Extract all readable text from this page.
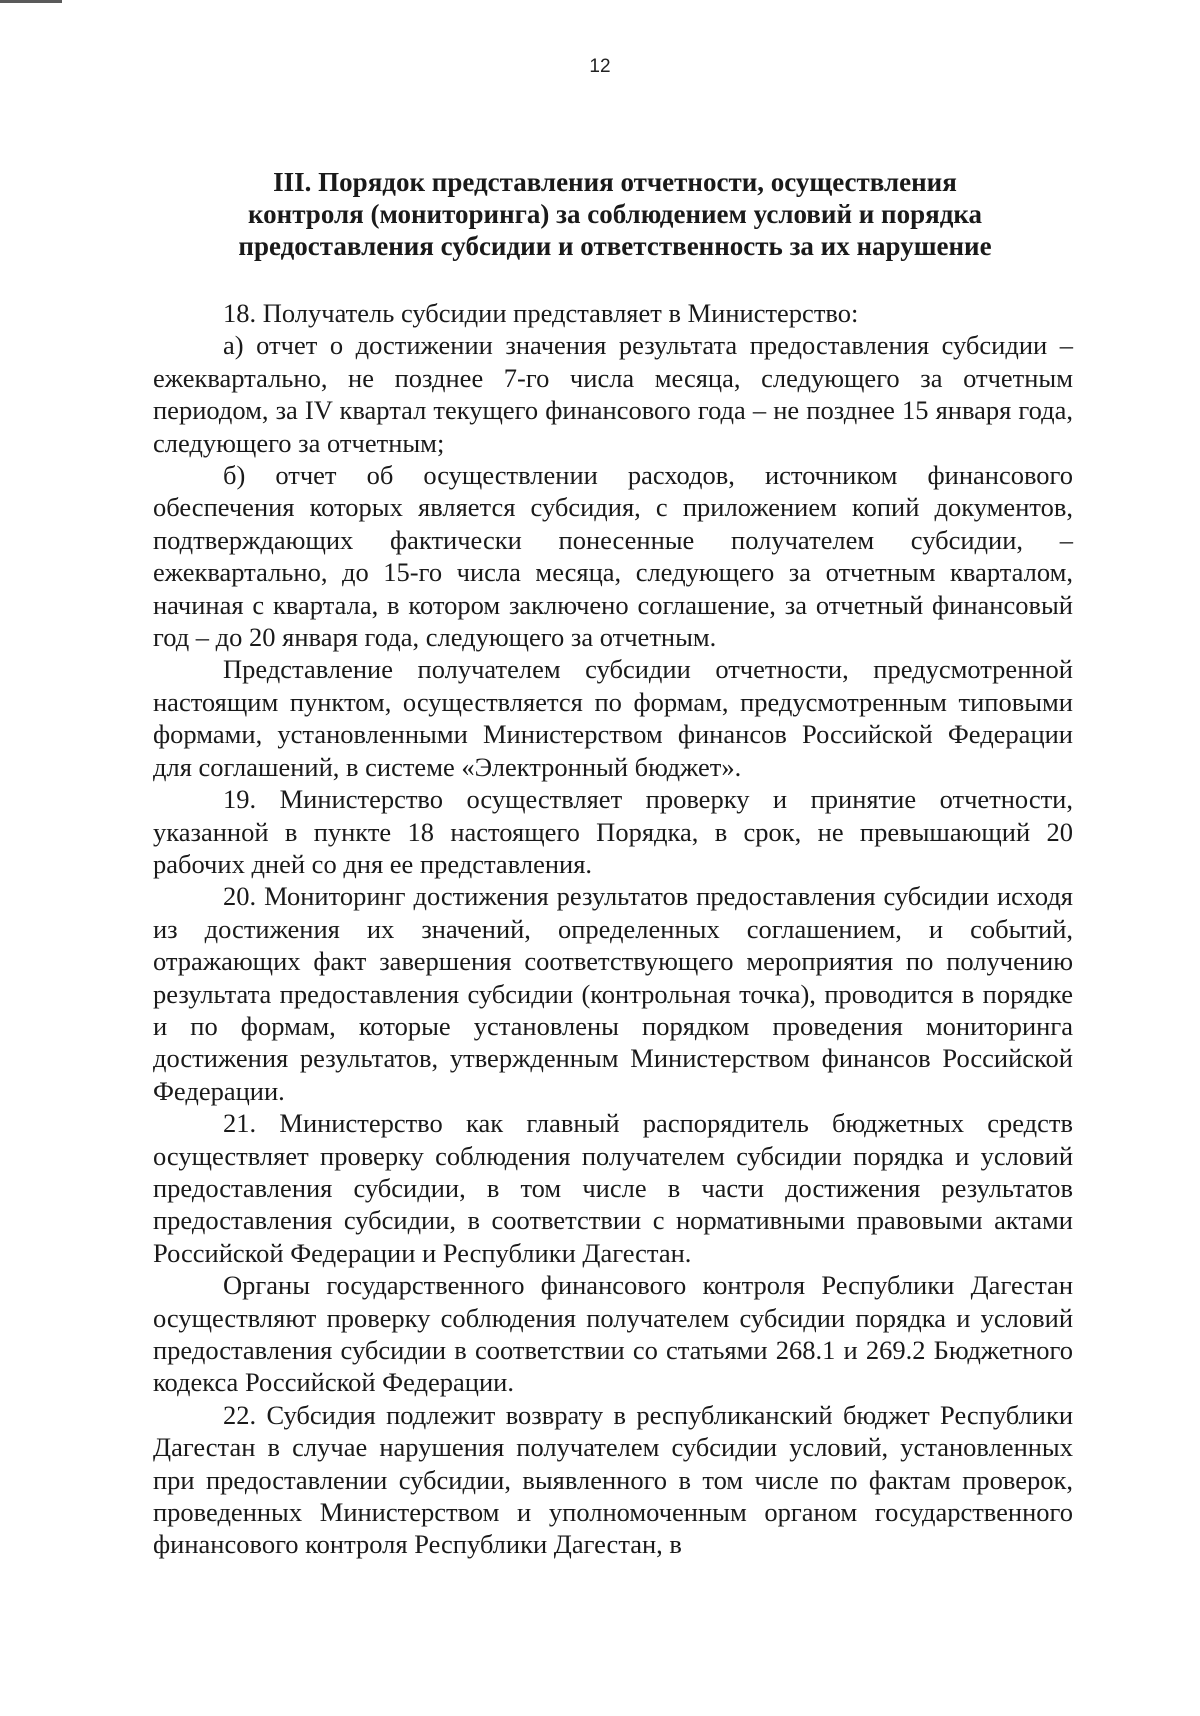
12
III. Порядок представления отчетности, осуществления
контроля (мониторинга) за соблюдением условий и порядка
предоставления субсидии и ответственность за их нарушение

18. Получатель субсидии представляет в Министерство:

а) отчет о достижении значения результата предоставления субсидии – ежеквартально, не позднее 7-го числа месяца, следующего за отчетным периодом, за IV квартал текущего финансового года – не позднее 15 января года, следующего за отчетным;

б) отчет об осуществлении расходов, источником финансового обеспечения которых является субсидия, с приложением копий документов, подтверждающих фактически понесенные получателем субсидии, – ежеквартально, до 15-го числа месяца, следующего за отчетным кварталом, начиная с квартала, в котором заключено соглашение, за отчетный финансовый год – до 20 января года, следующего за отчетным.

Представление получателем субсидии отчетности, предусмотренной настоящим пунктом, осуществляется по формам, предусмотренным типовыми формами, установленными Министерством финансов Российской Федерации для соглашений, в системе «Электронный бюджет».

19. Министерство осуществляет проверку и принятие отчетности, указанной в пункте 18 настоящего Порядка, в срок, не превышающий 20 рабочих дней со дня ее представления.

20. Мониторинг достижения результатов предоставления субсидии исходя из достижения их значений, определенных соглашением, и событий, отражающих факт завершения соответствующего мероприятия по получению результата предоставления субсидии (контрольная точка), проводится в порядке и по формам, которые установлены порядком проведения мониторинга достижения результатов, утвержденным Министерством финансов Российской Федерации.

21. Министерство как главный распорядитель бюджетных средств осуществляет проверку соблюдения получателем субсидии порядка и условий предоставления субсидии, в том числе в части достижения результатов предоставления субсидии, в соответствии с нормативными правовыми актами Российской Федерации и Республики Дагестан.

Органы государственного финансового контроля Республики Дагестан осуществляют проверку соблюдения получателем субсидии порядка и условий предоставления субсидии в соответствии со статьями 268.1 и 269.2 Бюджетного кодекса Российской Федерации.

22. Субсидия подлежит возврату в республиканский бюджет Республики Дагестан в случае нарушения получателем субсидии условий, установленных при предоставлении субсидии, выявленного в том числе по фактам проверок, проведенных Министерством и уполномоченным органом государственного финансового контроля Республики Дагестан, в
